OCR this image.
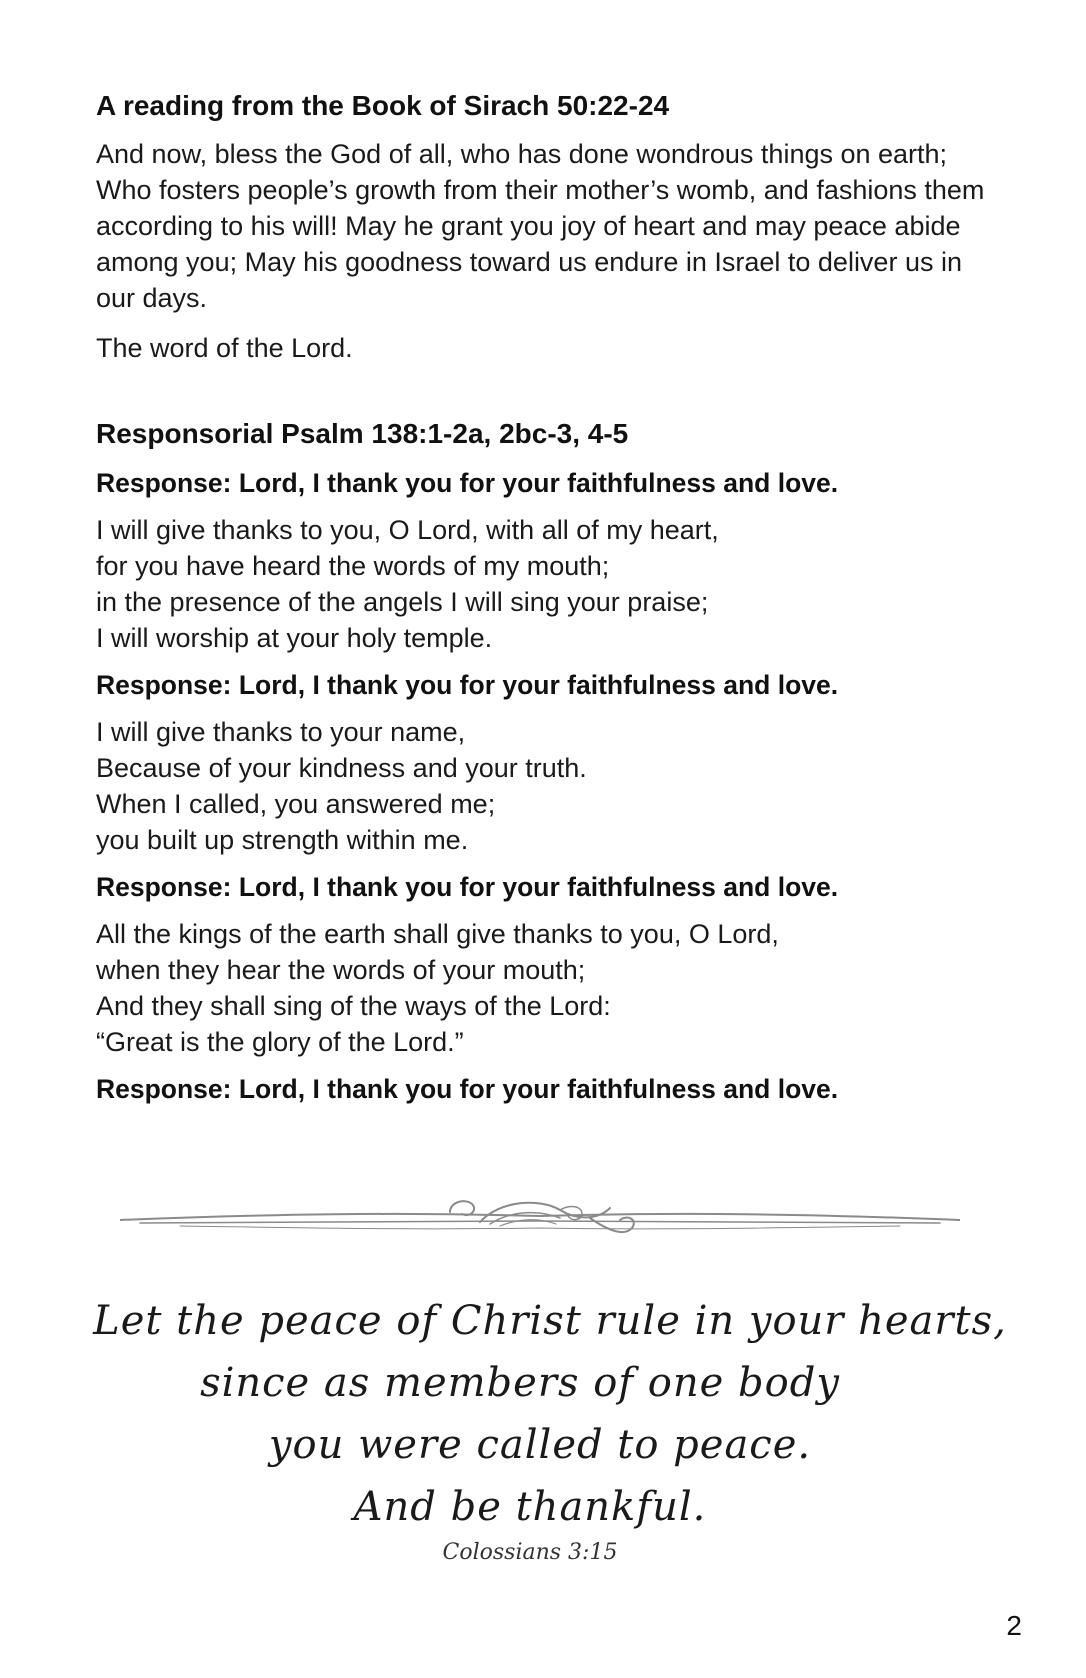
A reading from the Book of Sirach 50:22-24

And now, bless the God of all, who has done wondrous things on earth; Who fosters people’s growth from their mother’s womb, and fashions them according to his will! May he grant you joy of heart and may peace abide among you; May his goodness toward us endure in Israel to deliver us in our days.

The word of the Lord.

Responsorial Psalm 138:1-2a, 2bc-3, 4-5
Response: Lord, I thank you for your faithfulness and love.
I will give thanks to you, O Lord, with all of my heart,
for you have heard the words of my mouth;
in the presence of the angels I will sing your praise;
I will worship at your holy temple.
Response: Lord, I thank you for your faithfulness and love.
I will give thanks to your name,
Because of your kindness and your truth.
When I called, you answered me;
you built up strength within me.
Response: Lord, I thank you for your faithfulness and love.
All the kings of the earth shall give thanks to you, O Lord,
when they hear the words of your mouth;
And they shall sing of the ways of the Lord:
“Great is the glory of the Lord.”
Response: Lord, I thank you for your faithfulness and love.
Let the peace of Christ rule in your hearts,
since as members of one body
you were called to peace.
And be thankful.
Colossians 3:15
2
